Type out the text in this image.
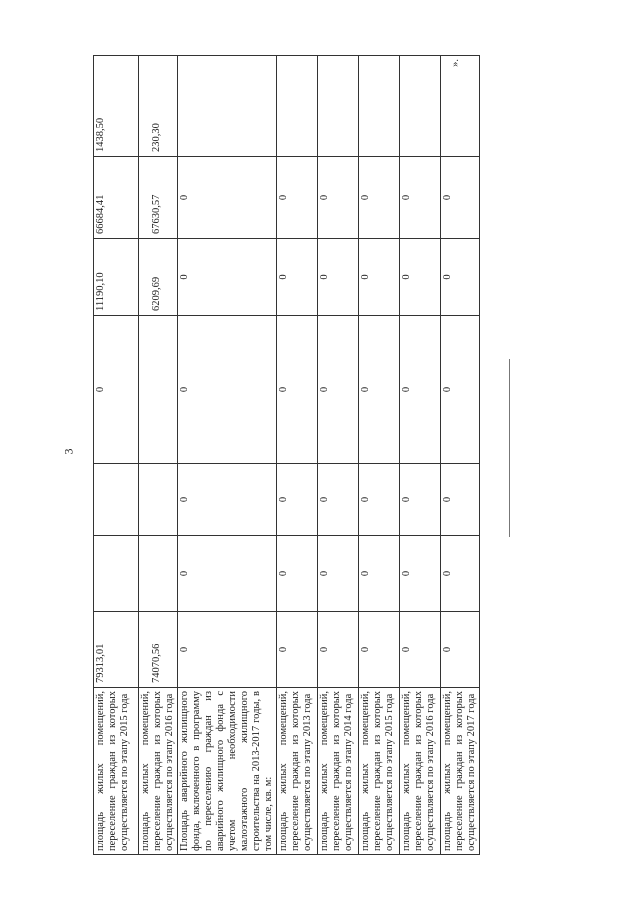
3
площадь жилых помещений, переселение граждан из которых осуществляется по этапу 2015 года	79313,01			0	11190,10	66684,41	1438,50
площадь жилых помещений, переселение граждан из которых осуществляется по этапу 2016 года	74070,56				6209,69	67630,57	230,30
Площадь аварийного жилищного фонда, включенного в программу по переселению граждан из аварийного жилищного фонда с учетом необходимости малоэтажного жилищного строительства на 2013-2017 годы, в том числе, кв. м:	0	0	0	0	0	0	
площадь жилых помещений, переселение граждан из которых осуществляется по этапу 2013 года	0	0	0	0	0	0	
площадь жилых помещений, переселение граждан из которых осуществляется по этапу 2014 года	0	0	0	0	0	0	
площадь жилых помещений, переселение граждан из которых осуществляется по этапу 2015 года	0	0	0	0	0	0	
площадь жилых помещений, переселение граждан из которых осуществляется по этапу 2016 года	0	0	0	0	0	0	
площадь жилых помещений, переселение граждан из которых осуществляется по этапу 2017 года	0	0	0	0	0	0	».
